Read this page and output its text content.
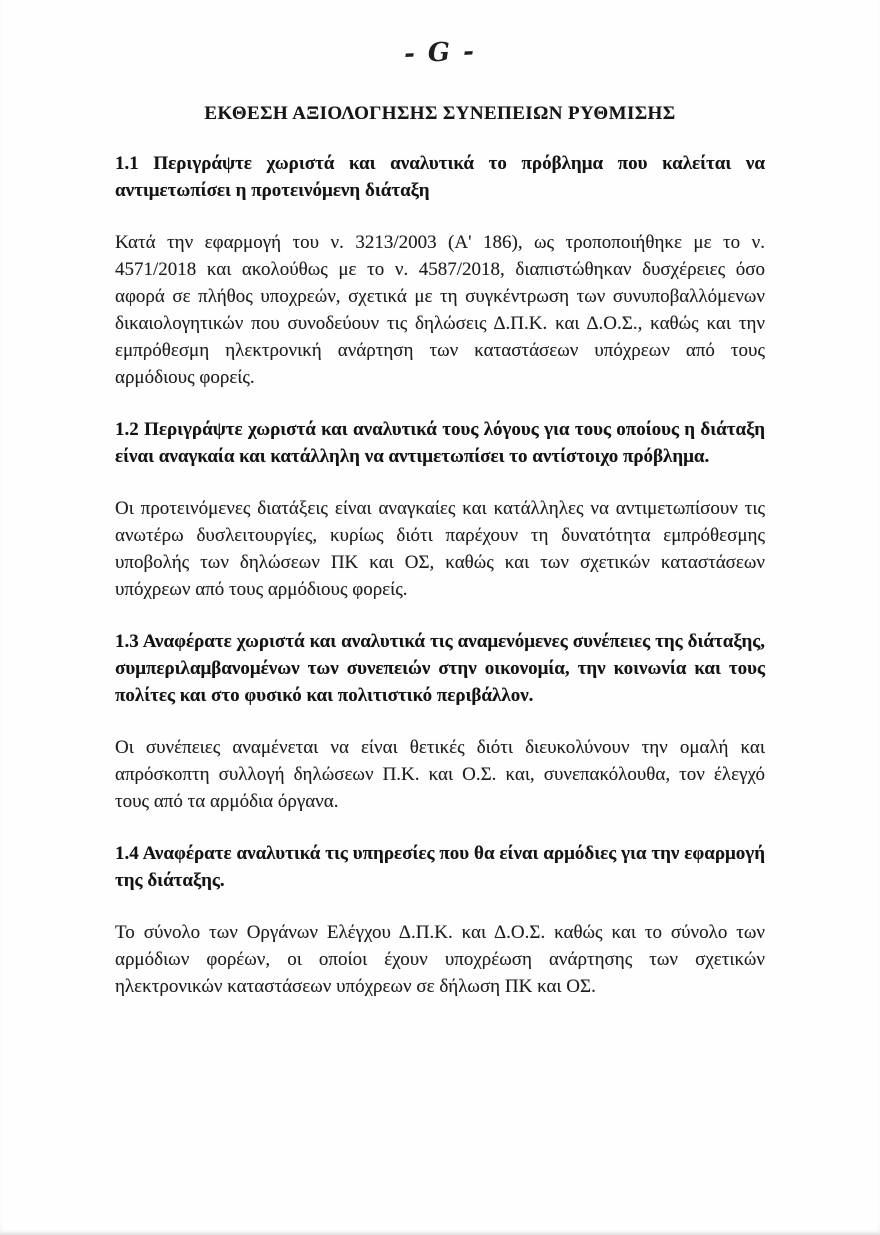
- G -
ΕΚΘΕΣΗ ΑΞΙΟΛΟΓΗΣΗΣ ΣΥΝΕΠΕΙΩΝ ΡΥΘΜΙΣΗΣ

1.1 Περιγράψτε χωριστά και αναλυτικά το πρόβλημα που καλείται να αντιμετωπίσει η προτεινόμενη διάταξη

Κατά την εφαρμογή του ν. 3213/2003 (Α' 186), ως τροποποιήθηκε με το ν. 4571/2018 και ακολούθως με το ν. 4587/2018, διαπιστώθηκαν δυσχέρειες όσο αφορά σε πλήθος υποχρεών, σχετικά με τη συγκέντρωση των συνυποβαλλόμενων δικαιολογητικών που συνοδεύουν τις δηλώσεις Δ.Π.Κ. και Δ.Ο.Σ., καθώς και την εμπρόθεσμη ηλεκτρονική ανάρτηση των καταστάσεων υπόχρεων από τους αρμόδιους φορείς.

1.2 Περιγράψτε χωριστά και αναλυτικά τους λόγους για τους οποίους η διάταξη είναι αναγκαία και κατάλληλη να αντιμετωπίσει το αντίστοιχο πρόβλημα.

Οι προτεινόμενες διατάξεις είναι αναγκαίες και κατάλληλες να αντιμετωπίσουν τις ανωτέρω δυσλειτουργίες, κυρίως διότι παρέχουν τη δυνατότητα εμπρόθεσμης υποβολής των δηλώσεων ΠΚ και ΟΣ, καθώς και των σχετικών καταστάσεων υπόχρεων από τους αρμόδιους φορείς.

1.3 Αναφέρατε χωριστά και αναλυτικά τις αναμενόμενες συνέπειες της διάταξης, συμπεριλαμβανομένων των συνεπειών στην οικονομία, την κοινωνία και τους πολίτες και στο φυσικό και πολιτιστικό περιβάλλον.

Οι συνέπειες αναμένεται να είναι θετικές διότι διευκολύνουν την ομαλή και απρόσκοπτη συλλογή δηλώσεων Π.Κ. και Ο.Σ. και, συνεπακόλουθα, τον έλεγχό τους από τα αρμόδια όργανα.

1.4 Αναφέρατε αναλυτικά τις υπηρεσίες που θα είναι αρμόδιες για την εφαρμογή της διάταξης.

Το σύνολο των Οργάνων Ελέγχου Δ.Π.Κ. και Δ.Ο.Σ. καθώς και το σύνολο των αρμόδιων φορέων, οι οποίοι έχουν υποχρέωση ανάρτησης των σχετικών ηλεκτρονικών καταστάσεων υπόχρεων σε δήλωση ΠΚ και ΟΣ.
